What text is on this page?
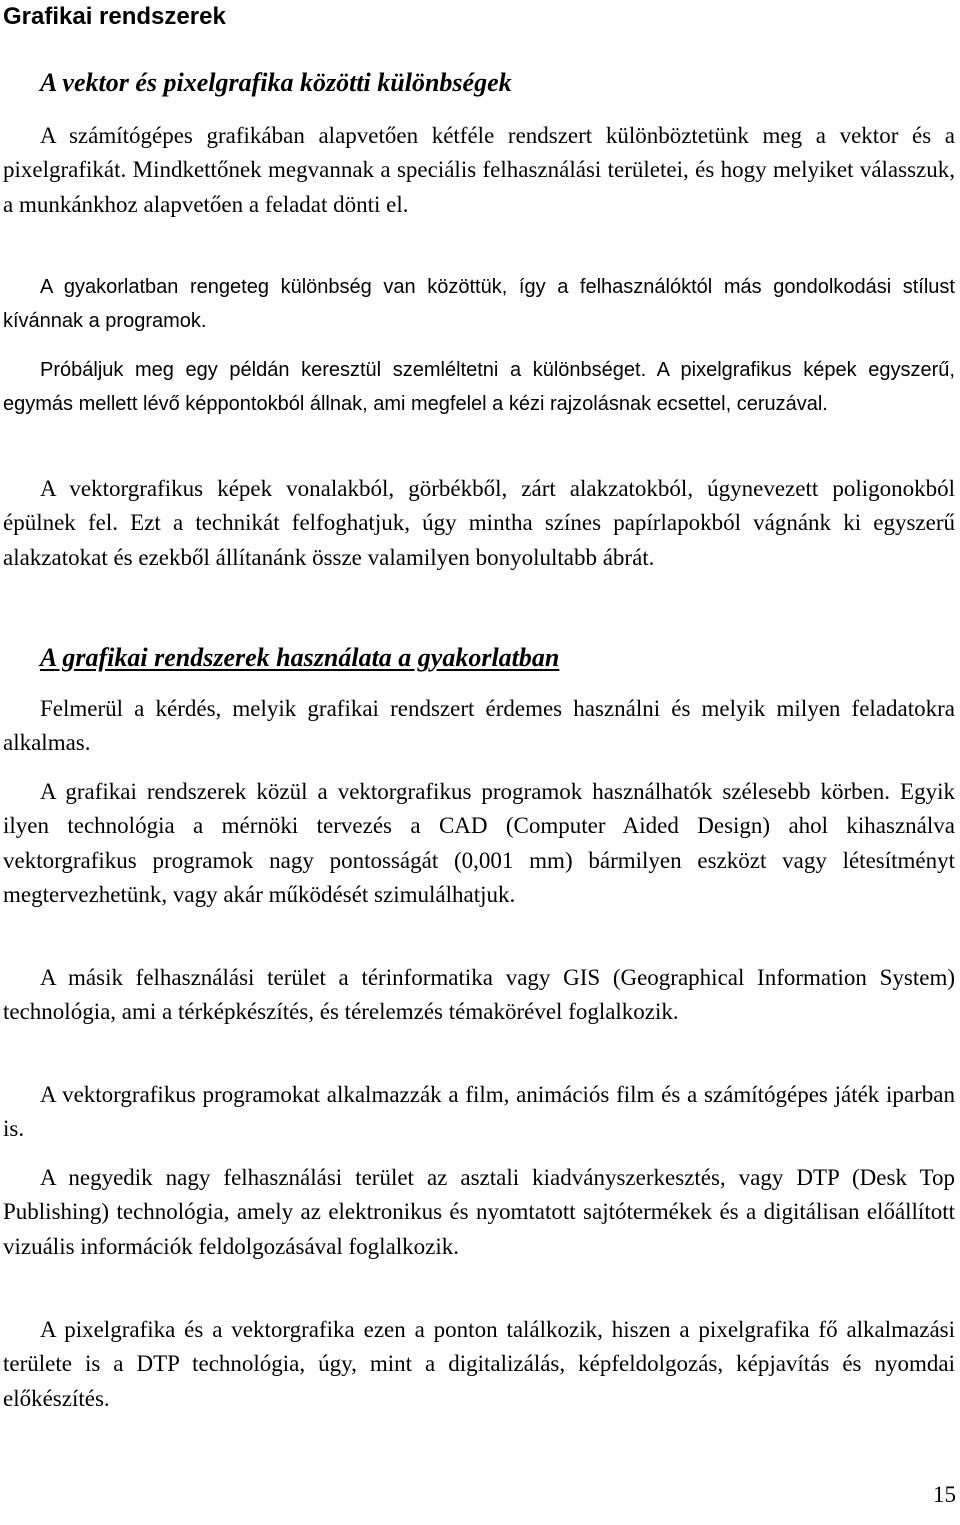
Grafikai rendszerek
A vektor és pixelgrafika közötti különbségek

A számítógépes grafikában alapvetően kétféle rendszert különböztetünk meg a vektor és a pixelgrafikát. Mindkettőnek megvannak a speciális felhasználási területei, és hogy melyiket válasszuk, a munkánkhoz alapvetően a feladat dönti el.

A gyakorlatban rengeteg különbség van közöttük, így a felhasználóktól más gondolkodási stílust kívánnak a programok.

Próbáljuk meg egy példán keresztül szemléltetni a különbséget. A pixelgrafikus képek egyszerű, egymás mellett lévő képpontokból állnak, ami megfelel a kézi rajzolásnak ecsettel, ceruzával.

A vektorgrafikus képek vonalakból, görbékből, zárt alakzatokból, úgynevezett poligonokból épülnek fel. Ezt a technikát felfoghatjuk, úgy mintha színes papírlapokból vágnánk ki egyszerű alakzatokat és ezekből állítanánk össze valamilyen bonyolultabb ábrát.

A grafikai rendszerek használata a gyakorlatban

Felmerül a kérdés, melyik grafikai rendszert érdemes használni és melyik milyen feladatokra alkalmas.

A grafikai rendszerek közül a vektorgrafikus programok használhatók szélesebb körben. Egyik ilyen technológia a mérnöki tervezés a CAD (Computer Aided Design) ahol kihasználva vektorgrafikus programok nagy pontosságát (0,001 mm) bármilyen eszközt vagy létesítményt megtervezhetünk, vagy akár működését szimulálhatjuk.

A másik felhasználási terület a térinformatika vagy GIS (Geographical Information System) technológia, ami a térképkészítés, és térelemzés témakörével foglalkozik.

A vektorgrafikus programokat alkalmazzák a film, animációs film és a számítógépes játék iparban is.

A negyedik nagy felhasználási terület az asztali kiadványszerkesztés, vagy DTP (Desk Top Publishing) technológia, amely az elektronikus és nyomtatott sajtótermékek és a digitálisan előállított vizuális információk feldolgozásával foglalkozik.

A pixelgrafika és a vektorgrafika ezen a ponton találkozik, hiszen a pixelgrafika fő alkalmazási területe is a DTP technológia, úgy, mint a digitalizálás, képfeldolgozás, képjavítás és nyomdai előkészítés.

15
